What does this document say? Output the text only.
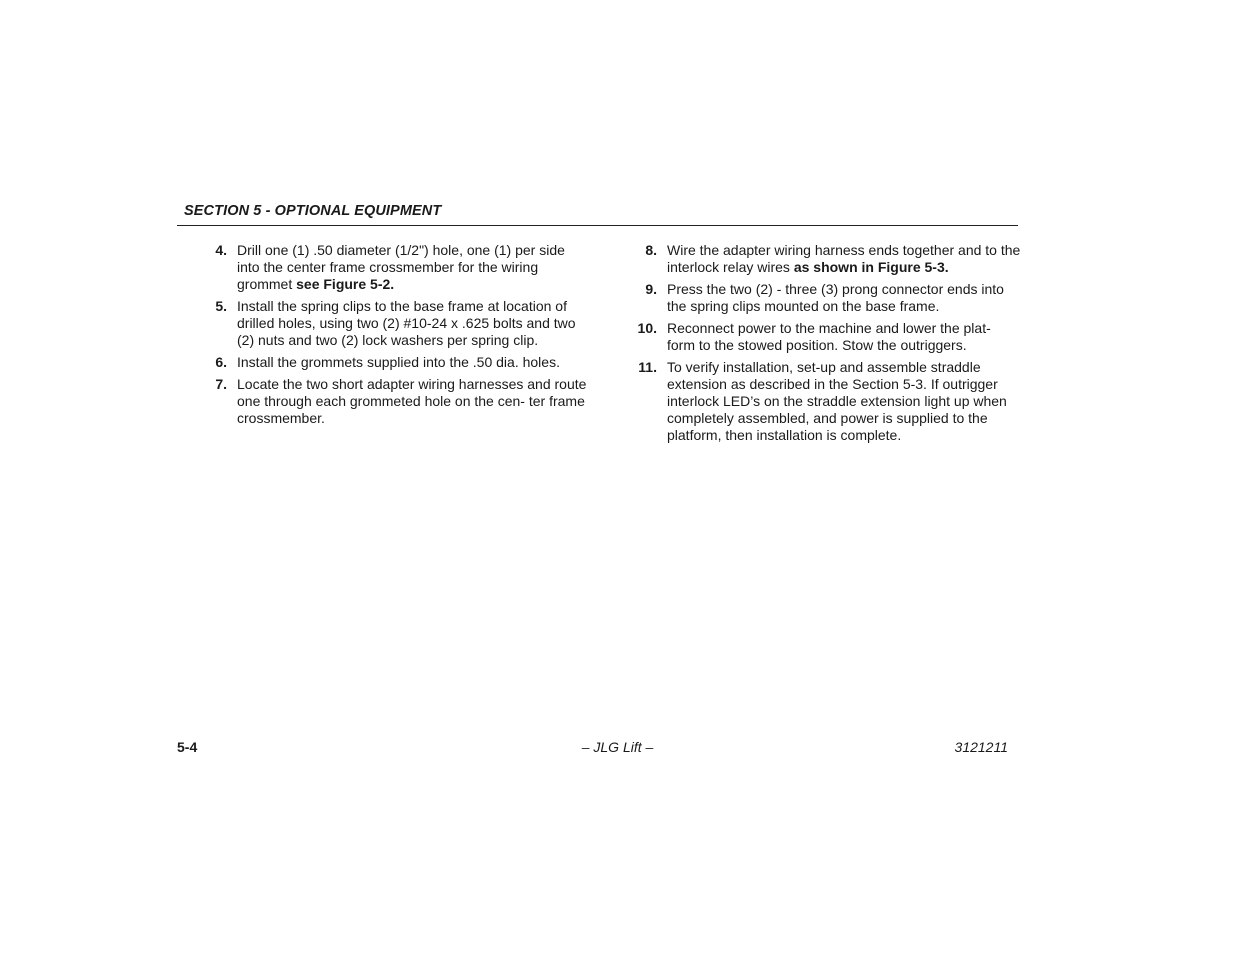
SECTION 5 - OPTIONAL EQUIPMENT
4. Drill one (1) .50 diameter (1/2") hole, one (1) per side into the center frame crossmember for the wiring grommet see Figure 5-2.
5. Install the spring clips to the base frame at location of drilled holes, using two (2) #10-24 x .625 bolts and two (2) nuts and two (2) lock washers per spring clip.
6. Install the grommets supplied into the .50 dia. holes.
7. Locate the two short adapter wiring harnesses and route one through each grommeted hole on the cen- ter frame crossmember.
8. Wire the adapter wiring harness ends together and to the interlock relay wires as shown in Figure 5-3.
9. Press the two (2) - three (3) prong connector ends into the spring clips mounted on the base frame.
10. Reconnect power to the machine and lower the plat- form to the stowed position. Stow the outriggers.
11. To verify installation, set-up and assemble straddle extension as described in the Section 5-3. If outrigger interlock LED’s on the straddle extension light up when completely assembled, and power is supplied to the platform, then installation is complete.
5-4	– JLG Lift –	3121211
